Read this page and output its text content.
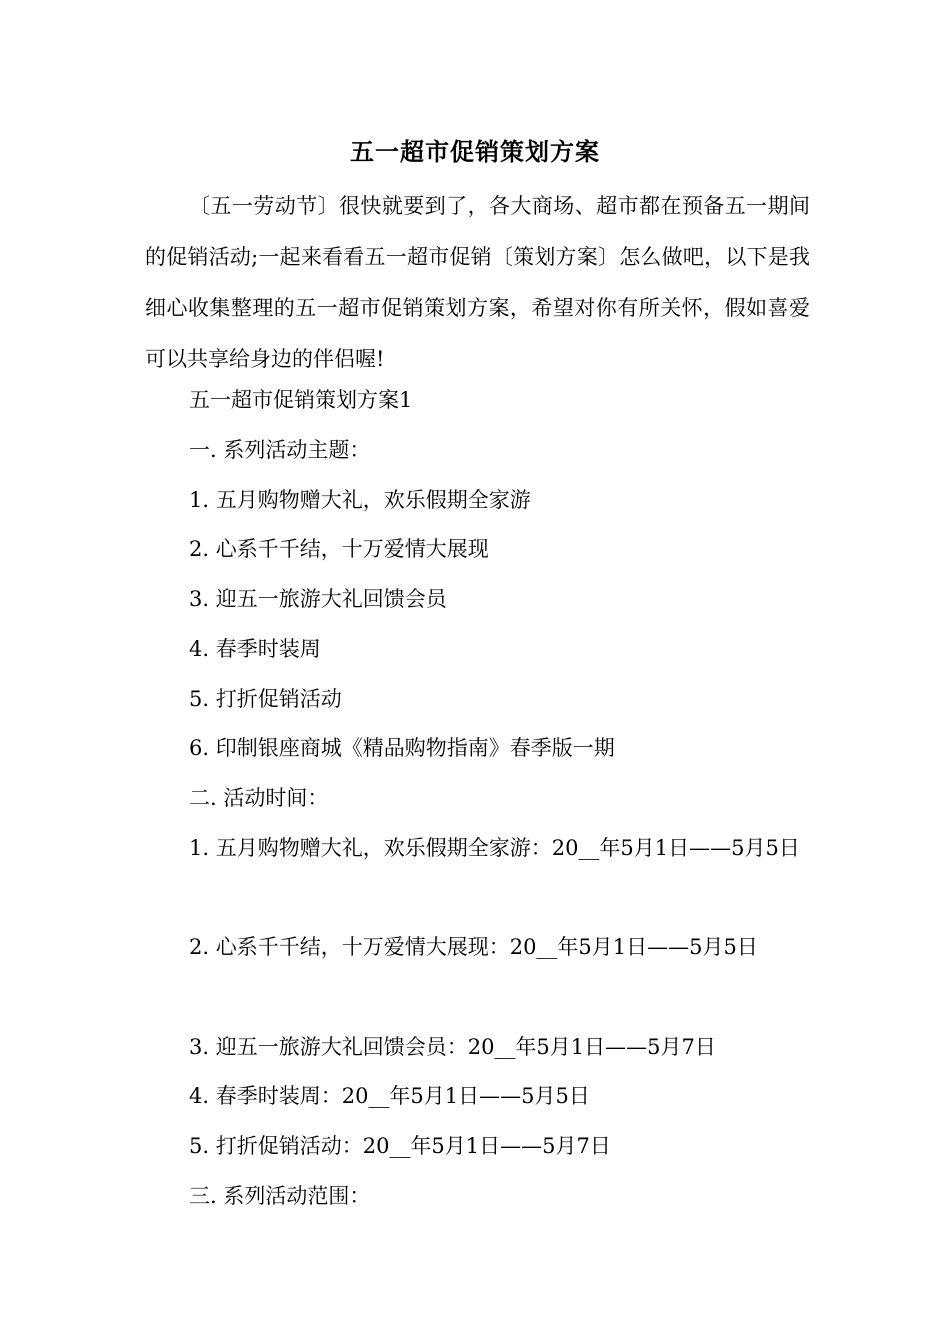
五一超市促销策划方案

〔五一劳动节〕很快就要到了，各大商场、超市都在预备五一期间的促销活动;一起来看看五一超市促销〔策划方案〕怎么做吧，以下是我细心收集整理的五一超市促销策划方案，希望对你有所关怀，假如喜爱可以共享给身边的伴侣喔!

五一超市促销策划方案1

一. 系列活动主题：

1. 五月购物赠大礼，欢乐假期全家游

2. 心系千千结，十万爱情大展现

3. 迎五一旅游大礼回馈会员

4. 春季时装周

5. 打折促销活动

6. 印制银座商城《精品购物指南》春季版一期

二. 活动时间：

1. 五月购物赠大礼，欢乐假期全家游：20__年5月1日——5月5日

2. 心系千千结，十万爱情大展现：20__年5月1日——5月5日

3. 迎五一旅游大礼回馈会员：20__年5月1日——5月7日

4. 春季时装周：20__年5月1日——5月5日

5. 打折促销活动：20__年5月1日——5月7日

三. 系列活动范围：
